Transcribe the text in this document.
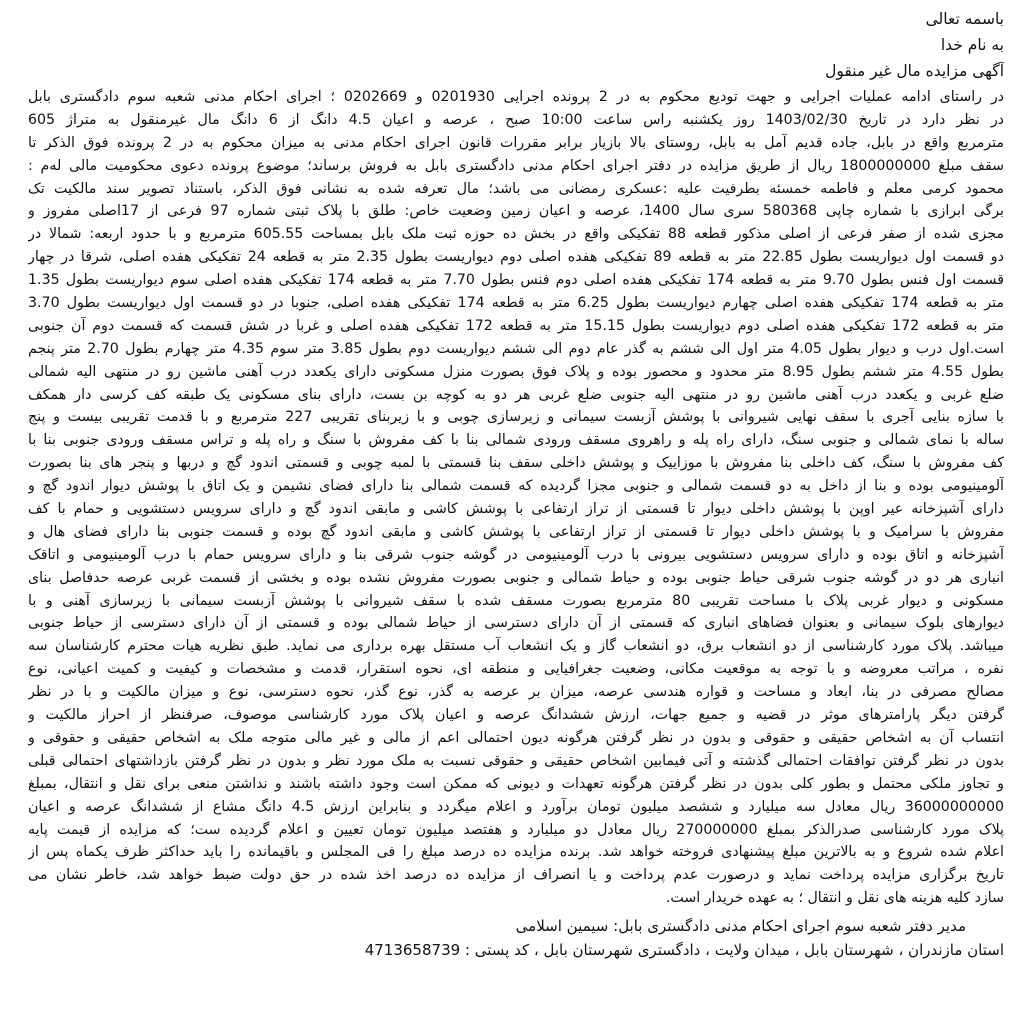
باسمه تعالی
به نام خدا
آگهی مزایده مال غیر منقول
در راستای ادامه عملیات اجرایی و جهت تودیع محکوم به در 2 پرونده اجرایی 0201930 و 0202669 ؛ اجرای احکام مدنی شعبه سوم دادگستری بابل
در نظر دارد در تاریخ 1403/02/30 روز یکشنبه راس ساعت 10:00 صبح ، عرصه و اعیان 4.5 دانگ از 6 دانگ مال غیرمنقول به متراژ 605
مترمربع واقع در بابل، جاده قدیم آمل به بابل، روستای بالا بازیار برابر مقررات قانون اجرای احکام مدنی به میزان محکوم به در 2 پرونده فوق الذکر تا
سقف مبلغ 1800000000 ریال از طریق مزایده در دفتر اجرای احکام مدنی دادگستری بابل به فروش برساند؛ موضوع پرونده دعوی محکومیت مالی له‌م :
محمود کرمی معلم و فاطمه خمسئه بطرفیت علیه :عسکری رمضانی می باشد؛ مال تعرفه شده به نشانی فوق الذکر، باستناد تصویر سند مالکیت تک
برگی ابرازی با شماره چاپی 580368 سری سال 1400، عرصه و اعیان زمین وضعیت خاص: طلق با پلاک ثبتی شماره 97 فرعی از 17اصلی مفروز و
مجزی شده از صفر فرعی از اصلی مذکور قطعه 88 تفکیکی واقع در بخش ده حوزه ثبت ملک بابل بمساحت 605.55 مترمربع و با حدود اربعه: شمالا در
دو قسمت اول دیواریست بطول 22.85 متر به قطعه 89 تفکیکی هفده اصلی دوم دیواریست بطول 2.35 متر به قطعه 24 تفکیکی هفده اصلی، شرقا در چهار
قسمت اول فنس بطول 9.70 متر به قطعه 174 تفکیکی هفده اصلی دوم فنس بطول 7.70 متر به قطعه 174 تفکیکی هفده اصلی سوم دیواریست بطول 1.35
متر به قطعه 174 تفکیکی هفده اصلی چهارم دیواریست بطول 6.25 متر به قطعه 174 تفکیکی هفده اصلی، جنوبا در دو قسمت اول دیواریست بطول 3.70
متر به قطعه 172 تفکیکی هفده اصلی دوم دیواریست بطول 15.15 متر به قطعه 172 تفکیکی هفده اصلی و غربا در شش قسمت که قسمت دوم آن جنوبی
است.اول درب و دیوار بطول 4.05 متر اول الی ششم به گذر عام دوم الی ششم دیواریست دوم بطول 3.85 متر سوم 4.35 متر چهارم بطول 2.70 متر پنجم
بطول 4.55 متر ششم بطول 8.95 متر محدود و محصور بوده و پلاک فوق بصورت منزل مسکونی دارای یکعدد درب آهنی ماشین رو در منتهی الیه شمالی
ضلع غربی و یکعدد درب آهنی ماشین رو در منتهی الیه جنوبی ضلع غربی هر دو به کوچه بن بست، دارای بنای مسکونی یک طبقه کف کرسی دار همکف
با سازه بنایی آجری با سقف نهایی شیروانی با پوشش آزبست سیمانی و زیرسازی چوبی و با زیربنای تقریبی 227 مترمربع و با قدمت تقریبی بیست و پنج
ساله با نمای شمالی و جنوبی سنگ، دارای راه پله و راهروی مسقف ورودی شمالی بنا با کف مفروش با سنگ و راه پله و تراس مسقف ورودی جنوبی بنا با
کف مفروش با سنگ، کف داخلی بنا مفروش با موزاییک و پوشش داخلی سقف بنا قسمتی با لمبه چوبی و قسمتی اندود گچ و دربها و پنجر های بنا بصورت
آلومینیومی بوده و بنا از داخل به دو قسمت شمالی و جنوبی مجزا گردیده که قسمت شمالی بنا دارای فضای نشیمن و یک اتاق با پوشش دیوار اندود گچ و
دارای آشپزخانه عیر اوپن با پوشش داخلی دیوار تا قسمتی از تراز ارتفاعی با پوشش کاشی و مابقی اندود گچ و دارای سرویس دستشویی و حمام با کف
مفروش با سرامیک و با پوشش داخلی دیوار تا قسمتی از تراز ارتفاعی با پوشش کاشی و مابقی اندود گچ بوده و قسمت جنوبی بنا دارای فضای هال و
آشپزخانه و اتاق بوده و دارای سرویس دستشویی بیرونی با درب آلومینیومی در گوشه جنوب شرقی بنا و دارای سرویس حمام با درب آلومینیومی و اتاقک
انباری هر دو در گوشه جنوب شرقی حیاط جنوبی بوده و حیاط شمالی و جنوبی بصورت مفروش نشده بوده و بخشی از قسمت غربی عرصه حدفاصل بنای
مسکونی و دیوار غربی پلاک با مساحت تقریبی 80 مترمربع بصورت مسقف شده با سقف شیروانی با پوشش آزبست سیمانی با زیرسازی آهنی و با
دیوارهای بلوک سیمانی و بعنوان فضاهای انباری که قسمتی از آن دارای دسترسی از حیاط شمالی بوده و قسمتی از آن دارای دسترسی از حیاط جنوبی
میباشد. پلاک مورد کارشناسی از دو انشعاب برق، دو انشعاب گاز و یک انشعاب آب مستقل بهره برداری می نماید. طبق نظریه هیات محترم کارشناسان سه
نفره ، مراتب معروضه و با توجه به موقعیت مکانی، وضعیت جغرافیایی و منطقه ای، نحوه استقرار، قدمت و مشخصات و کیفیت و کمیت اعیانی، نوع
مصالح مصرفی در بنا، ابعاد و مساحت و قواره هندسی عرصه، میزان بر عرصه به گذر، نوع گذر، نحوه دسترسی، نوع و میزان مالکیت و با در نظر
گرفتن دیگر پارامترهای موثر در قضیه و جمیع جهات، ارزش ششدانگ عرصه و اعیان پلاک مورد کارشناسی موصوف، صرفنظر از احراز مالکیت و
انتساب آن به اشخاص حقیقی و حقوقی و بدون در نظر گرفتن هرگونه دیون احتمالی اعم از مالی و غیر مالی متوجه ملک به اشخاص حقیقی و حقوقی و
بدون در نظر گرفتن توافقات احتمالی گذشته و آتی فیمابین اشخاص حقیقی و حقوقی نسبت به ملک مورد نظر و بدون در نظر گرفتن بازداشتهای احتمالی قبلی
و تجاوز ملکی محتمل و بطور کلی بدون در نظر گرفتن هرگونه تعهدات و دیونی که ممکن است وجود داشته باشند و نداشتن منعی برای نقل و انتقال، بمبلغ
36000000000 ریال معادل سه میلیارد و ششصد میلیون تومان برآورد و اعلام میگردد و بنابراین ارزش 4.5 دانگ مشاع از ششدانگ عرصه و اعیان
پلاک مورد کارشناسی صدرالذکر بمبلغ 270000000 ریال معادل دو میلیارد و هفتصد میلیون تومان تعیین و اعلام گردیده ست؛ که مزایده از قیمت پایه
اعلام شده شروع و به بالاترین مبلغ پیشنهادی فروخته خواهد شد. برنده مزایده ده درصد مبلغ را فی المجلس و باقیمانده را باید حداکثر ظرف یکماه پس از
تاریخ برگزاری مزایده پرداخت نماید و درصورت عدم پرداخت و یا انصراف از مزایده ده درصد اخذ شده در حق دولت ضبط خواهد شد، خاطر نشان می
سازد کلیه هزینه های نقل و انتقال ؛ به عهده خریدار است.
مدیر دفتر شعبه سوم اجرای احکام مدنی دادگستری بابل: سیمین اسلامی
استان مازندران ، شهرستان بابل ، میدان ولایت ، دادگستری شهرستان بابل ، کد پستی : 4713658739
